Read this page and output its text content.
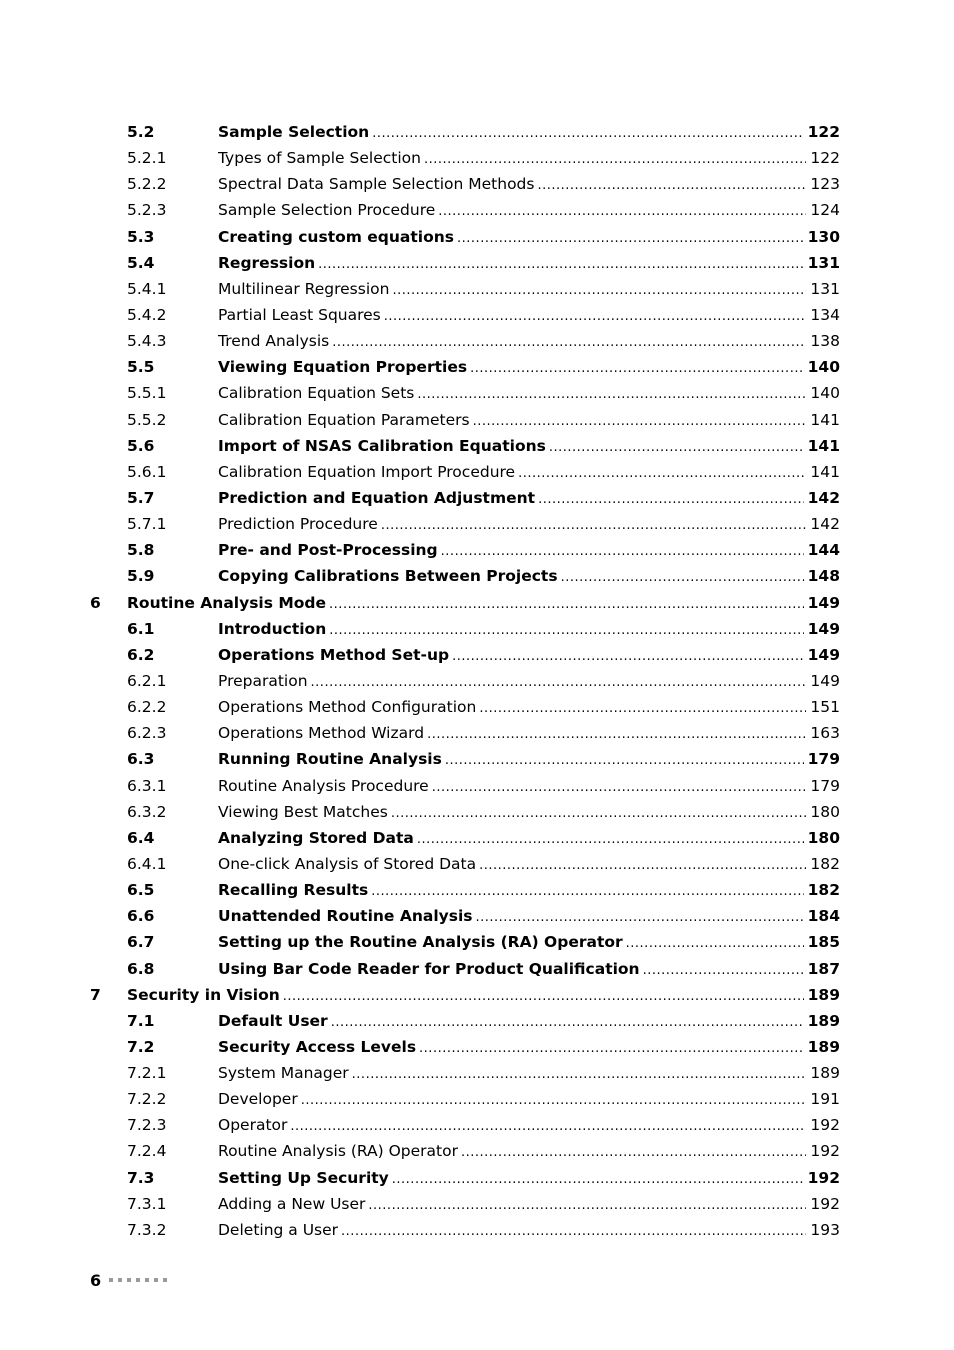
5.2	Sample Selection .....	122
5.2.1	Types of Sample Selection .....	122
5.2.2	Spectral Data Sample Selection Methods .....	123
5.2.3	Sample Selection Procedure .....	124
5.3	Creating custom equations .....	130
5.4	Regression .....	131
5.4.1	Multilinear Regression .....	131
5.4.2	Partial Least Squares .....	134
5.4.3	Trend Analysis .....	138
5.5	Viewing Equation Properties .....	140
5.5.1	Calibration Equation Sets .....	140
5.5.2	Calibration Equation Parameters .....	141
5.6	Import of NSAS Calibration Equations .....	141
5.6.1	Calibration Equation Import Procedure .....	141
5.7	Prediction and Equation Adjustment .....	142
5.7.1	Prediction Procedure .....	142
5.8	Pre- and Post-Processing .....	144
5.9	Copying Calibrations Between Projects .....	148
6 Routine Analysis Mode .....	149
6.1	Introduction .....	149
6.2	Operations Method Set-up .....	149
6.2.1	Preparation .....	149
6.2.2	Operations Method Configuration .....	151
6.2.3	Operations Method Wizard .....	163
6.3	Running Routine Analysis .....	179
6.3.1	Routine Analysis Procedure .....	179
6.3.2	Viewing Best Matches .....	180
6.4	Analyzing Stored Data .....	180
6.4.1	One-click Analysis of Stored Data .....	182
6.5	Recalling Results .....	182
6.6	Unattended Routine Analysis .....	184
6.7	Setting up the Routine Analysis (RA) Operator .....	185
6.8	Using Bar Code Reader for Product Qualification .....	187
7 Security in Vision .....	189
7.1	Default User .....	189
7.2	Security Access Levels .....	189
7.2.1	System Manager .....	189
7.2.2	Developer .....	191
7.2.3	Operator .....	192
7.2.4	Routine Analysis (RA) Operator .....	192
7.3	Setting Up Security .....	192
7.3.1	Adding a New User .....	192
7.3.2	Deleting a User .....	193
6
